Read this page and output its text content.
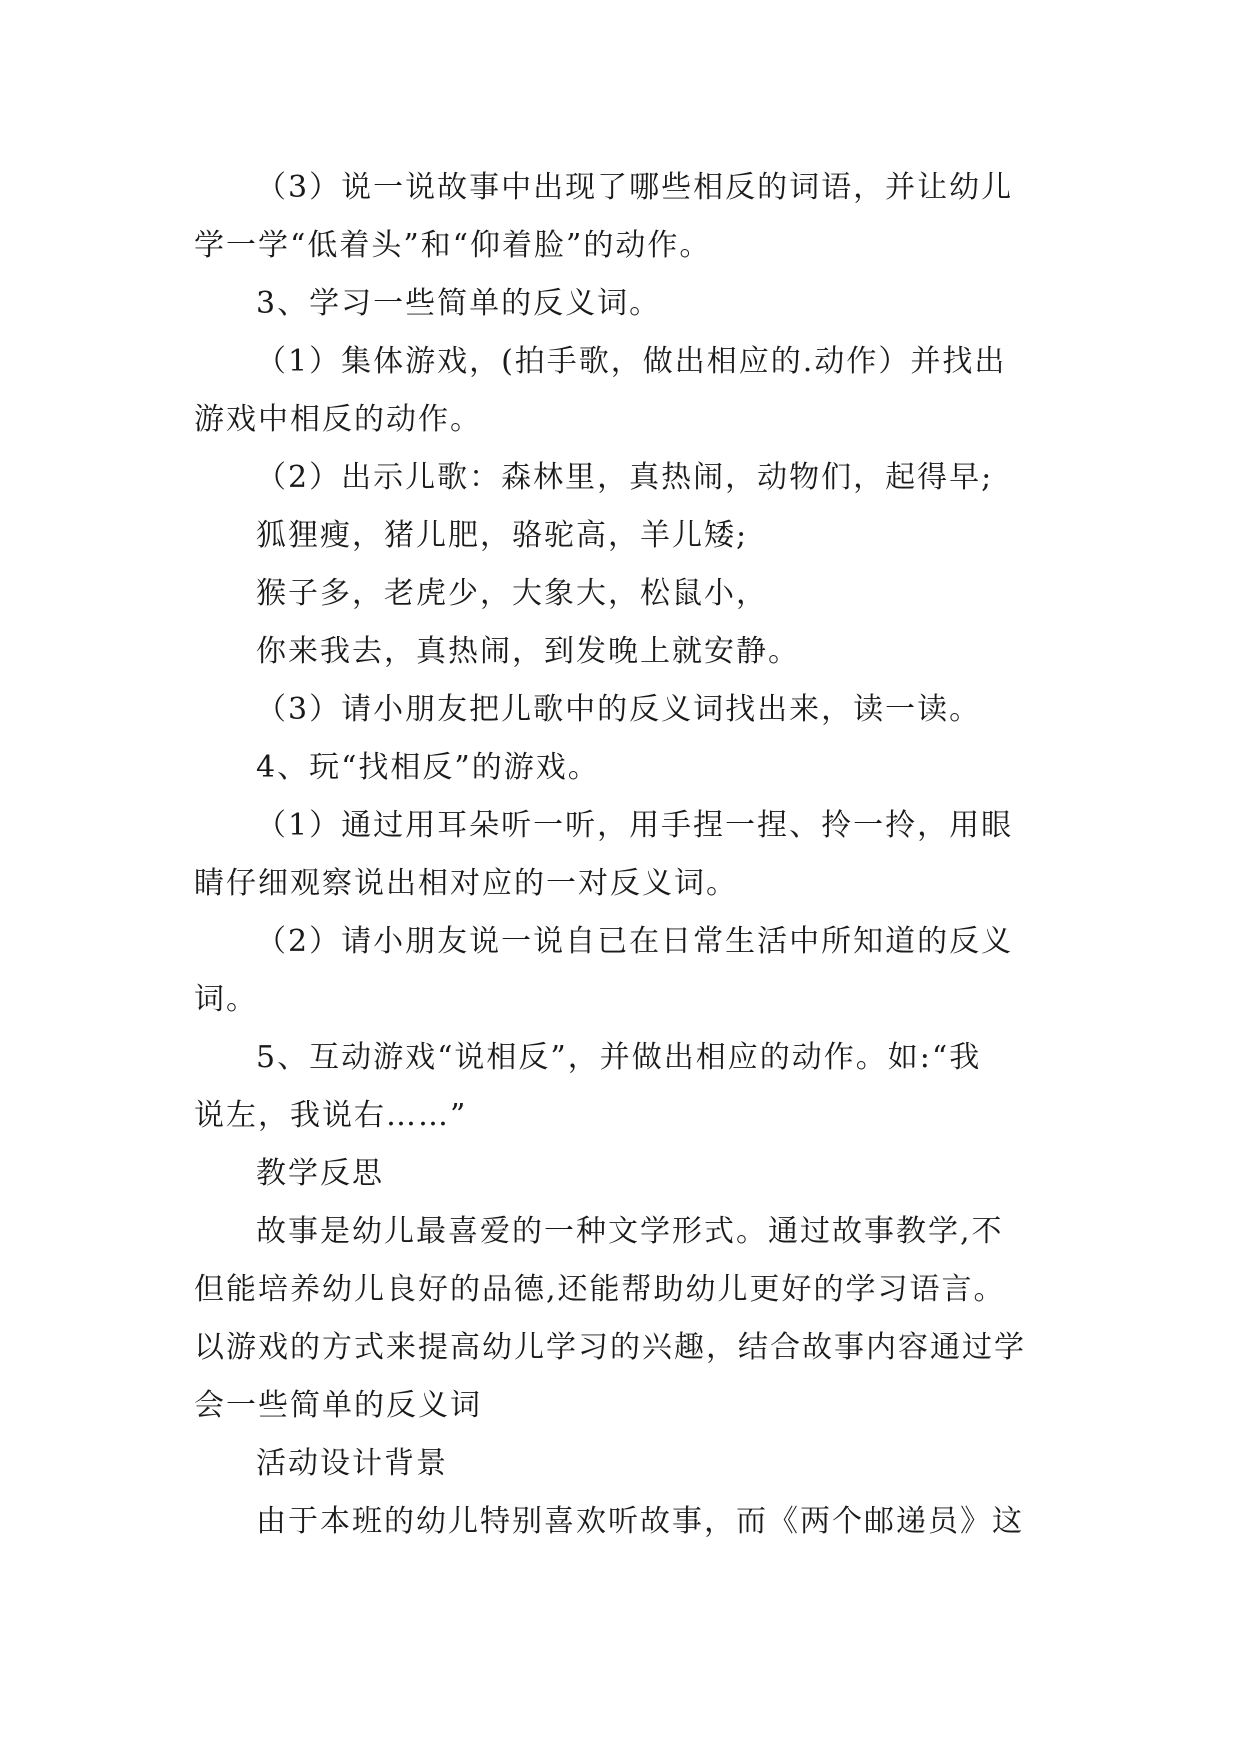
（3）说一说故事中出现了哪些相反的词语，并让幼儿
学一学“低着头”和“仰着脸”的动作。
3、学习一些简单的反义词。
（1）集体游戏，(拍手歌，做出相应的.动作）并找出
游戏中相反的动作。
（2）出示儿歌：森林里，真热闹，动物们，起得早;
狐狸瘦，猪儿肥，骆驼高，羊儿矮;
猴子多，老虎少，大象大，松鼠小，
你来我去，真热闹，到发晚上就安静。
（3）请小朋友把儿歌中的反义词找出来，读一读。
4、玩“找相反”的游戏。
（1）通过用耳朵听一听，用手捏一捏、拎一拎，用眼
睛仔细观察说出相对应的一对反义词。
（2）请小朋友说一说自已在日常生活中所知道的反义
词。
5、互动游戏“说相反”，并做出相应的动作。如:“我
说左，我说右……”
教学反思
故事是幼儿最喜爱的一种文学形式。通过故事教学,不
但能培养幼儿良好的品德,还能帮助幼儿更好的学习语言。
以游戏的方式来提高幼儿学习的兴趣，结合故事内容通过学
会一些简单的反义词
活动设计背景
由于本班的幼儿特别喜欢听故事，而《两个邮递员》这
